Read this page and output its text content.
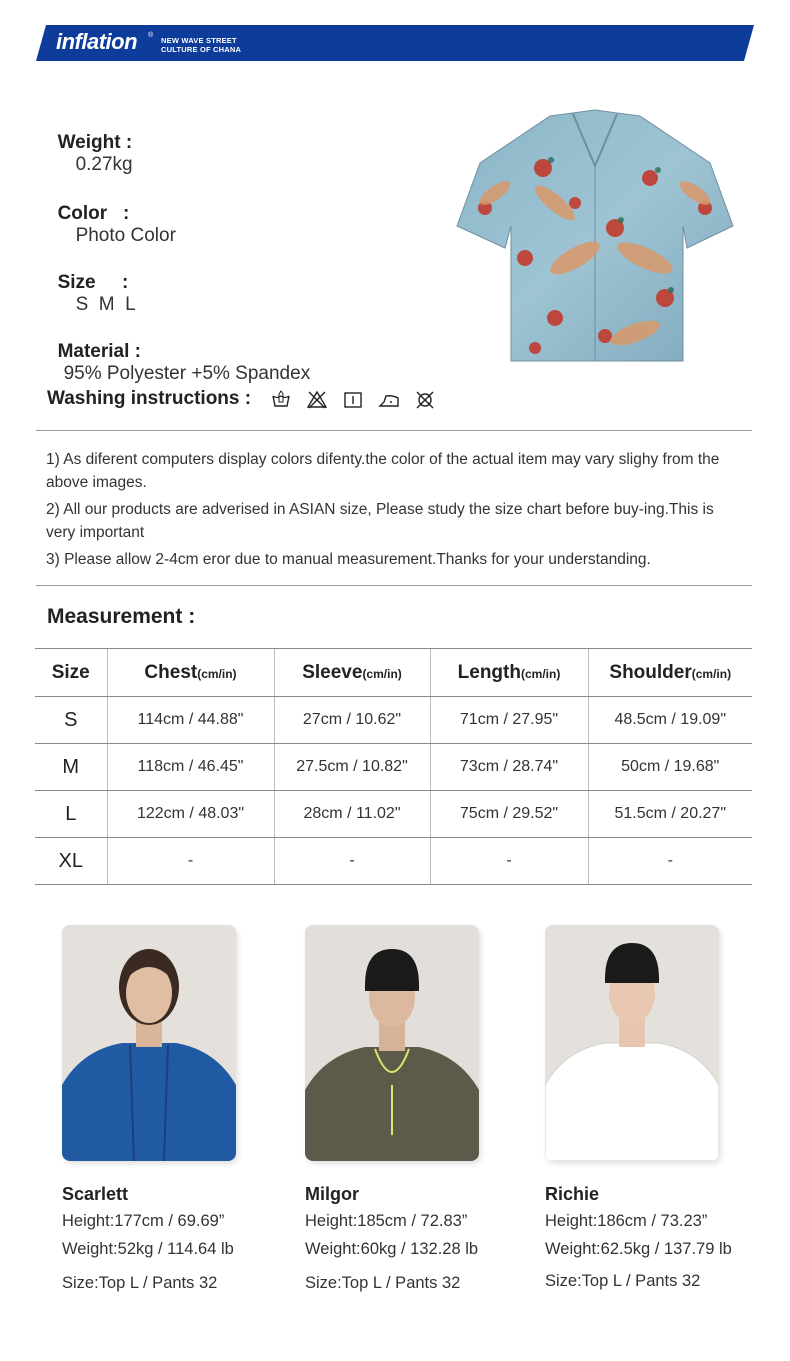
inflation ®
NEW WAVE STREET
CULTURE OF CHANA

Weight :
0.27kg

Color   :
Photo Color

Size     :
S  M  L

Material :
95% Polyester +5% Spandex

Washing instructions :

1) As diferent computers display colors difenty.the color of the actual item may vary slighy from the above images.

2) All our products are adverised in ASIAN size, Please study the size chart before buy-ing.This is very important

3) Please allow 2-4cm eror due to manual measurement.Thanks for your understanding.

Measurement :
Size	Chest(cm/in)	Sleeve(cm/in)	Length(cm/in)	Shoulder(cm/in)
S	114cm / 44.88"	27cm / 10.62"	71cm / 27.95"	48.5cm / 19.09"
M	118cm / 46.45"	27.5cm / 10.82"	73cm / 28.74"	50cm / 19.68"
L	122cm / 48.03"	28cm / 11.02"	75cm / 29.52"	51.5cm / 20.27"
XL	-	-	-	-
Scarlett
Height:177cm / 69.69”
Weight:52kg / 114.64 lb
Size:Top L / Pants 32
Milgor
Height:185cm / 72.83”
Weight:60kg / 132.28 lb
Size:Top L / Pants 32
Richie
Height:186cm / 73.23”
Weight:62.5kg / 137.79 lb
Size:Top L / Pants 32
